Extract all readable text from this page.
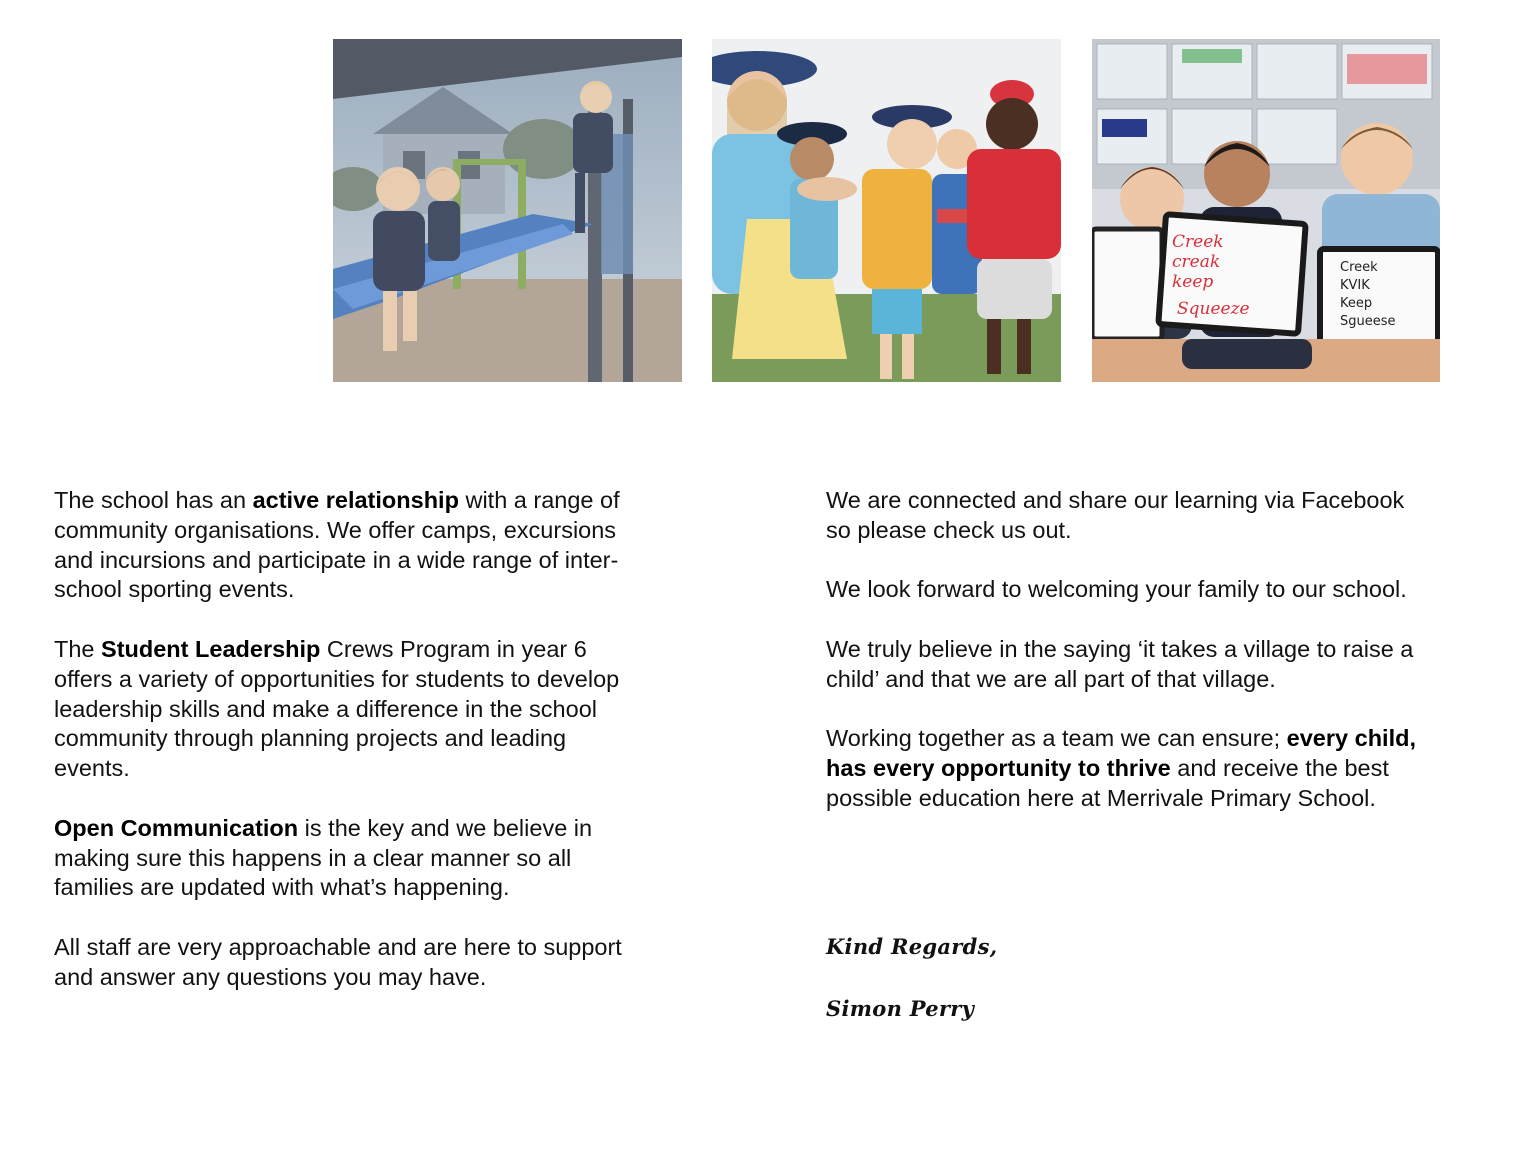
Creek
creak
keep
Squeeze
Creek
KVIK
Keep
Sgueese

The school has an active relationship with a range of community organisations. We offer camps, excursions and incursions and participate in a wide range of inter-school sporting events.

The Student Leadership Crews Program in year 6 offers a variety of opportunities for students to develop leadership skills and make a difference in the school community through planning projects and leading events.

Open Communication is the key and we believe in making sure this happens in a clear manner so all families are updated with what’s happening.

All staff are very approachable and are here to support and answer any questions you may have.

We are connected and share our learning via Facebook so please check us out.

We look forward to welcoming your family to our school.

We truly believe in the saying ‘it takes a village to raise a child’ and that we are all part of that village.

Working together as a team we can ensure; every child, has every opportunity to thrive and receive the best possible education here at Merrivale Primary School.

Kind Regards,

Simon Perry
